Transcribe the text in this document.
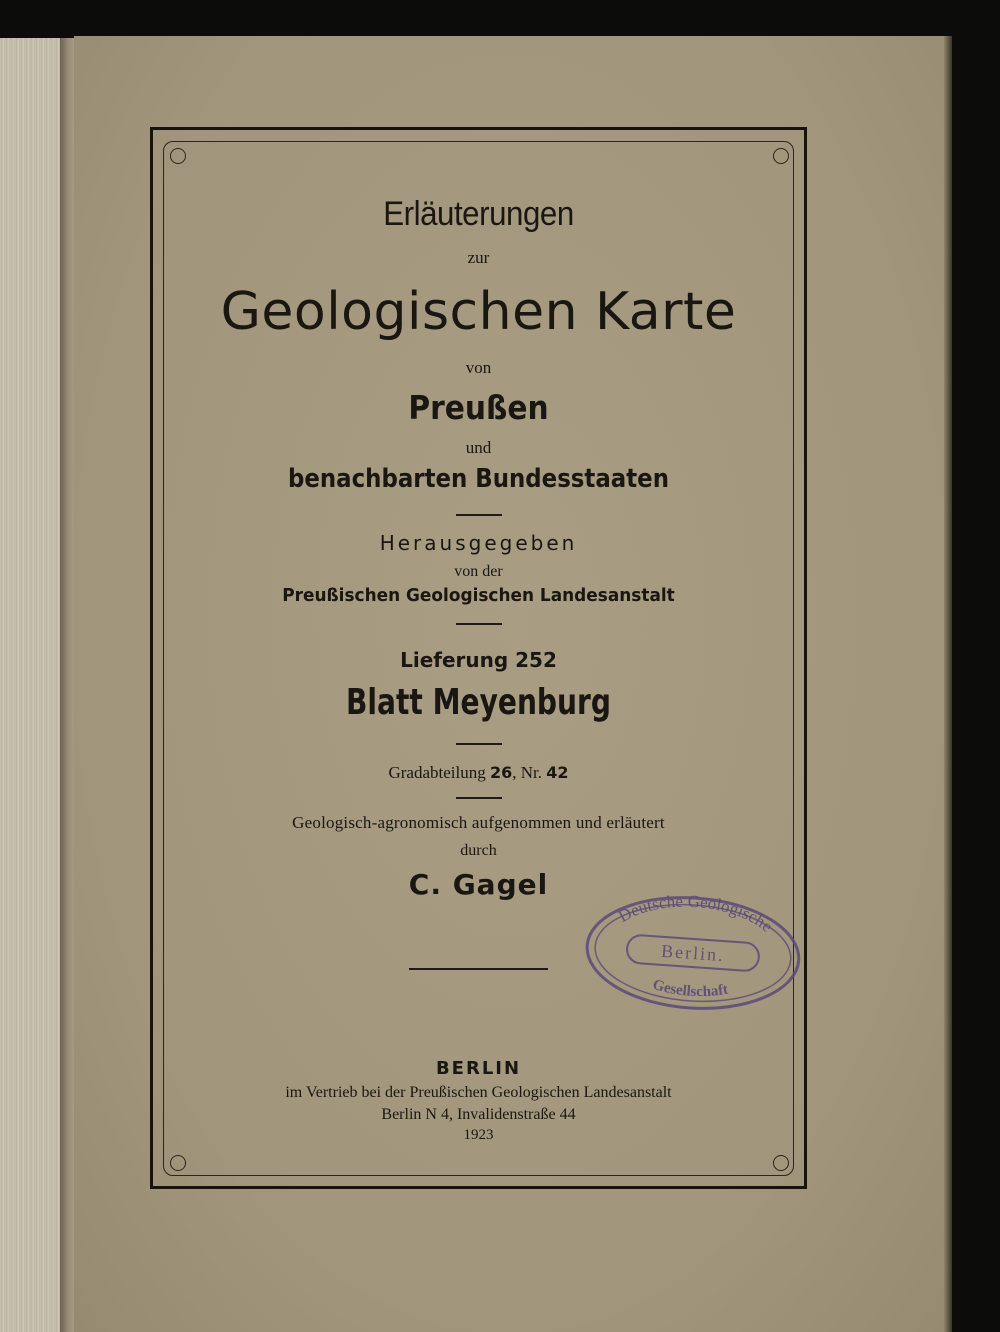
Erläuterungen
zur
Geologischen Karte
von
Preußen
und
benachbarten Bundesstaaten
Herausgegeben
von der
Preußischen Geologischen Landesanstalt
Lieferung 252
Blatt Meyenburg
Gradabteilung 26, Nr. 42
Geologisch-agronomisch aufgenommen und erläutert
durch
C. Gagel
Deutsche Geologische
Berlin.
Gesellschaft
BERLIN
im Vertrieb bei der Preußischen Geologischen Landesanstalt
Berlin N 4, Invalidenstraße 44
1923
